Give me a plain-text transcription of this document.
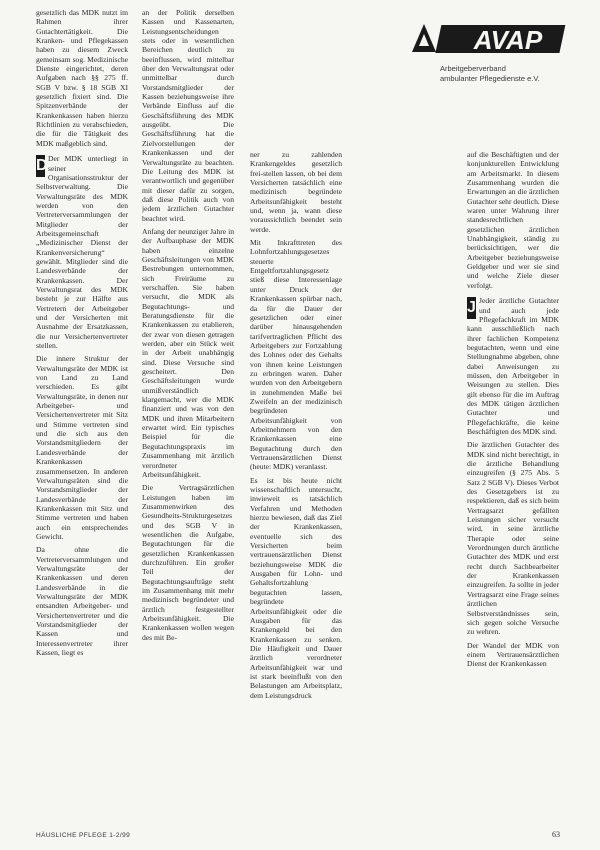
gesetzlich das MDK nutzt im Rahmen ihrer Gutachtertätigkeit. Die Kranken- und Pflegekassen haben zu diesem Zweck gemeinsam sog. Medizinische Dienste eingerichtet, deren Aufgaben nach §§ 275 ff. SGB V bzw. § 18 SGB XI gesetzlich fixiert sind. Die Spitzenverbände der Krankenkassen haben hierzu Richtlinien zu verabschieden, die für die Tätigkeit des MDK maßgeblich sind.

D Der MDK unterliegt in seiner Organisationsstruktur der Selbstverwaltung. Die Verwaltungsräte des MDK werden von den Vertreterversammlungen der Mitglieder der Arbeitsgemeinschaft „Medizinischer Dienst der Krankenversicherung“ gewählt. Mitglieder sind die Landesverbände der Krankenkassen. Der Verwaltungsrat des MDK besteht je zur Hälfte aus Vertretern der Arbeitgeber und der Versicherten mit Ausnahme der Ersatzkassen, die nur Versichertenvertreter stellen.

Die innere Struktur der Verwaltungsräte der MDK ist von Land zu Land verschieden. Es gibt Verwaltungsräte, in denen nur Arbeitgeber- und Versichertenvertreter mit Sitz und Stimme vertreten sind und die sich aus den Vorstandsmitgliedern der Landesverbände der Krankenkassen zusammensetzen. In anderen Verwaltungsräten sind die Vorstandsmitglieder der Landesverbände der Krankenkassen mit Sitz und Stimme vertreten und haben auch ein entsprechendes Gewicht.

Da ohne die Vertreterversammlungen und Verwaltungsräte der Krankenkassen und deren Landesverbände in die Verwaltungsräte der MDK entsandten Arbeitgeber- und Versichertenvertreter und die Vorstandsmitglieder der Kassen und Interessenvertreter ihrer Kassen, liegt es

an der Politik derselben Kassen und Kassenarten, Leistungsentscheidungen stets oder in wesentlichen Bereichen deutlich zu beeinflussen, wird mittelbar über den Verwaltungsrat oder unmittelbar durch Vorstandsmitglieder der Kassen beziehungsweise ihre Verbände Einfluss auf die Geschäftsführung des MDK ausgeübt. Die Geschäftsführung hat die Zielvorstellungen der Krankenkassen und der Verwaltungsräte zu beachten. Die Leitung des MDK ist verantwortlich und gegenüber mit dieser dafür zu sorgen, daß diese Politik auch von jedem ärztlichen Gutachter beachtet wird.

Anfang der neunziger Jahre in der Aufbauphase der MDK haben einzelne Geschäftsleitungen von MDK Bestrebungen unternommen, sich Freiräume zu verschaffen. Sie haben versucht, die MDK als Begutachtungs- und Beratungsdienste für die Krankenkassen zu etablieren, der zwar von diesen getragen werden, aber ein Stück weit in der Arbeit unabhängig sind. Diese Versuche sind gescheitert. Den Geschäftsleitungen wurde unmißverständlich klargemacht, wer die MDK finanziert und was von den MDK und ihren Mitarbeitern erwartet wird. Ein typisches Beispiel für die Begutachtungspraxis im Zusammenhang mit ärztlich verordneter Arbeitsunfähigkeit.

Die Vertragsärztlichen Leistungen haben im Zusammenwirken des Gesundheits-Strukturgesetzes und des SGB V in wesentlichen die Aufgabe, Begutachtungen für die gesetzlichen Krankenkassen durchzuführen. Ein großer Teil der Begutachtungsaufträge steht im Zusammenhang mit mehr medizinisch begründeter und ärztlich festgestellter Arbeitsunfähigkeit. Die Krankenkassen wollen wegen des mit Be-

AVAP
Arbeitgeberverband
ambulanter Pflegedienste e.V.

ner zu zahlenden Krankengeldes gesetzlich frei-stellen lassen, ob bei dem Versicherten tatsächlich eine medizinisch begründete Arbeitsunfähigkeit besteht und, wenn ja, wann diese voraussichtlich beendet sein werde.

Mit Inkrafttreten des Lohnfortzahlungsgesetzes steuerte Entgeltfortzahlungsgesetz stieß diese Interessenlage unter Druck der Krankenkassen spürbar nach, da für die Dauer der gesetzlichen oder einer darüber hinausgehenden tarifvertraglichen Pflicht des Arbeitgebers zur Fortzahlung des Lohnes oder des Gehalts von ihnen keine Leistungen zu erbringen waren. Daher wurden von den Arbeitgebern in zunehmenden Maße bei Zweifeln an der medizinisch begründeten Arbeitsunfähigkeit von Arbeitnehmern von den Krankenkassen eine Begutachtung durch den Vertrauensärztlichen Dienst (heute: MDK) veranlasst.

Es ist bis heute nicht wissenschaftlich untersucht, inwieweit es tatsächlich Verfahren und Methoden hierzu bewiesen, daß das Ziel der Krankenkassen, eventuelle sich des Versicherten beim vertrauensärztlichen Dienst beziehungsweise MDK die Ausgaben für Lohn- und Gehaltsfortzahlung begutachten lassen, begründete Arbeitsunfähigkeit oder die Ausgaben für das Krankengeld bei den Krankenkassen zu senken. Die Häufigkeit und Dauer ärztlich verordneter Arbeitsunfähigkeit war und ist stark beeinflußt von den Belastungen am Arbeitsplatz, dem Leistungsdruck

auf die Beschäftigten und der konjunkturellen Entwicklung am Arbeitsmarkt. In diesem Zusammenhang wurden die Erwartungen an die ärztlichen Gutachter sehr deutlich. Diese waren unter Wahrung ihrer standesrechtlichen gesetzlichen ärztlichen Unabhängigkeit, ständig zu berücksichtigen, wer die Arbeitgeber beziehungsweise Geldgeber und wer sie sind und welche Ziele dieser verfolgt.

J Jeder ärztliche Gutachter und auch jede Pflegefachkraft im MDK kann ausschließlich nach ihrer fachlichen Kompetenz begutachten, wenn und eine Stellungnahme abgeben, ohne dabei Anweisungen zu müssen, den Arbeitgeber in Weisungen zu stellen. Dies gilt ebenso für die im Auftrag des MDK tätigen ärztlichen Gutachter und Pflegefachkräfte, die keine Beschäftigten des MDK sind.

Die ärztlichen Gutachter des MDK sind nicht berechtigt, in die ärztliche Behandlung einzugreifen (§ 275 Abs. 5 Satz 2 SGB V). Dieses Verbot des Gesetzgebers ist zu respektieren, daß es sich beim Vertragsarzt gefällten Leistungen sicher versucht wird, in seine ärztliche Therapie oder seine Verordnungen durch ärztliche Gutachter des MDK und erst recht durch Sachbearbeiter der Krankenkassen einzugreifen. Ja sollte in jeder Vertragsarzt eine Frage seines ärztlichen Selbstverständnisses sein, sich gegen solche Versuche zu wehren.

Der Wandel der MDK von einem Vertrauensärztlichen Dienst der Krankenkassen

HÄUSLICHE PFLEGE 1-2/99	63
